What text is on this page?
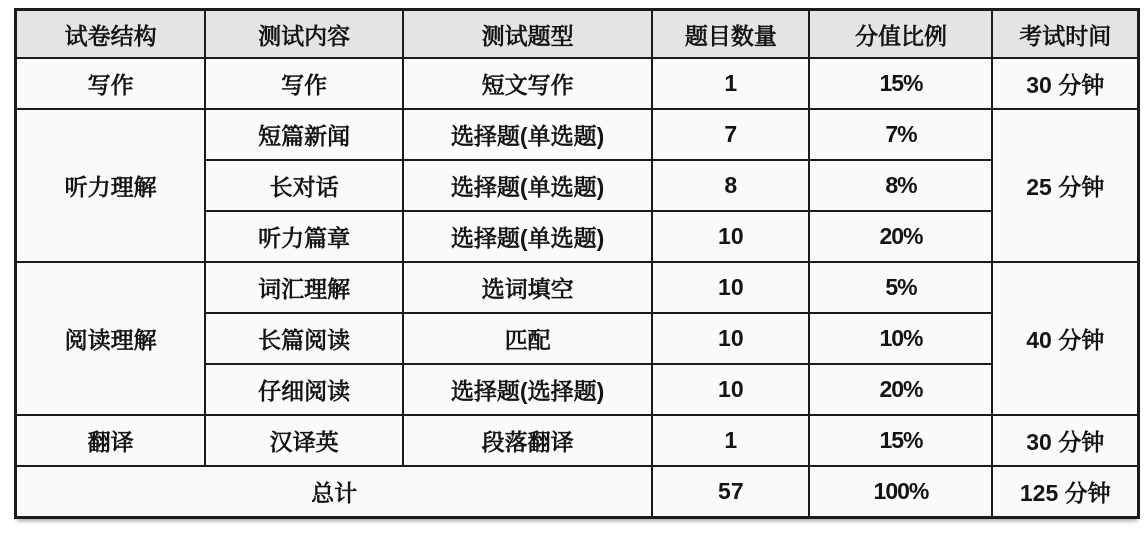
试卷结构	测试内容	测试题型	题目数量	分值比例	考试时间
写作	写作	短文写作	1	15%	30 分钟
听力理解	短篇新闻	选择题(单选题)	7	7%	25 分钟
	长对话	选择题(单选题)	8	8%	
	听力篇章	选择题(单选题)	10	20%	
阅读理解	词汇理解	选词填空	10	5%	40 分钟
	长篇阅读	匹配	10	10%	
	仔细阅读	选择题(选择题)	10	20%	
翻译	汉译英	段落翻译	1	15%	30 分钟
总计			57	100%	125 分钟
